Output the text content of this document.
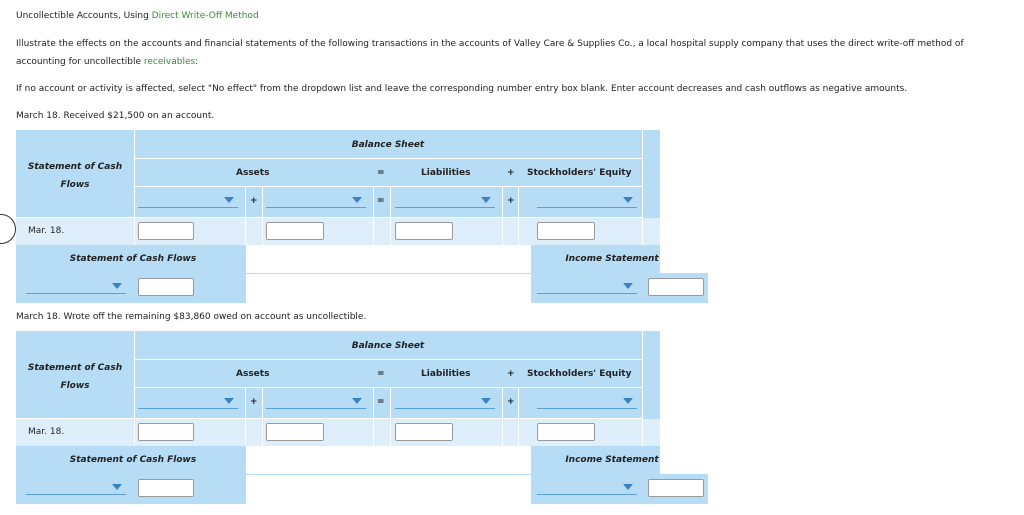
Uncollectible Accounts, Using Direct Write-Off Method
Illustrate the effects on the accounts and financial statements of the following transactions in the accounts of Valley Care & Supplies Co., a local hospital supply company that uses the direct write-off method of
accounting for uncollectible receivables:
If no account or activity is affected, select "No effect" from the dropdown list and leave the corresponding number entry box blank. Enter account decreases and cash outflows as negative amounts.
March 18. Received $21,500 on an account.
Balance Sheet
Statement of Cash Flows
Assets	=	Liabilities	+ Stockholders' Equity
+	=	+
Mar. 18.
Statement of Cash Flows	Income Statement
March 18. Wrote off the remaining $83,860 owed on account as uncollectible.
Balance Sheet
Statement of Cash Flows
Assets	=	Liabilities	+ Stockholders' Equity
+	=	+
Mar. 18.
Statement of Cash Flows	Income Statement
